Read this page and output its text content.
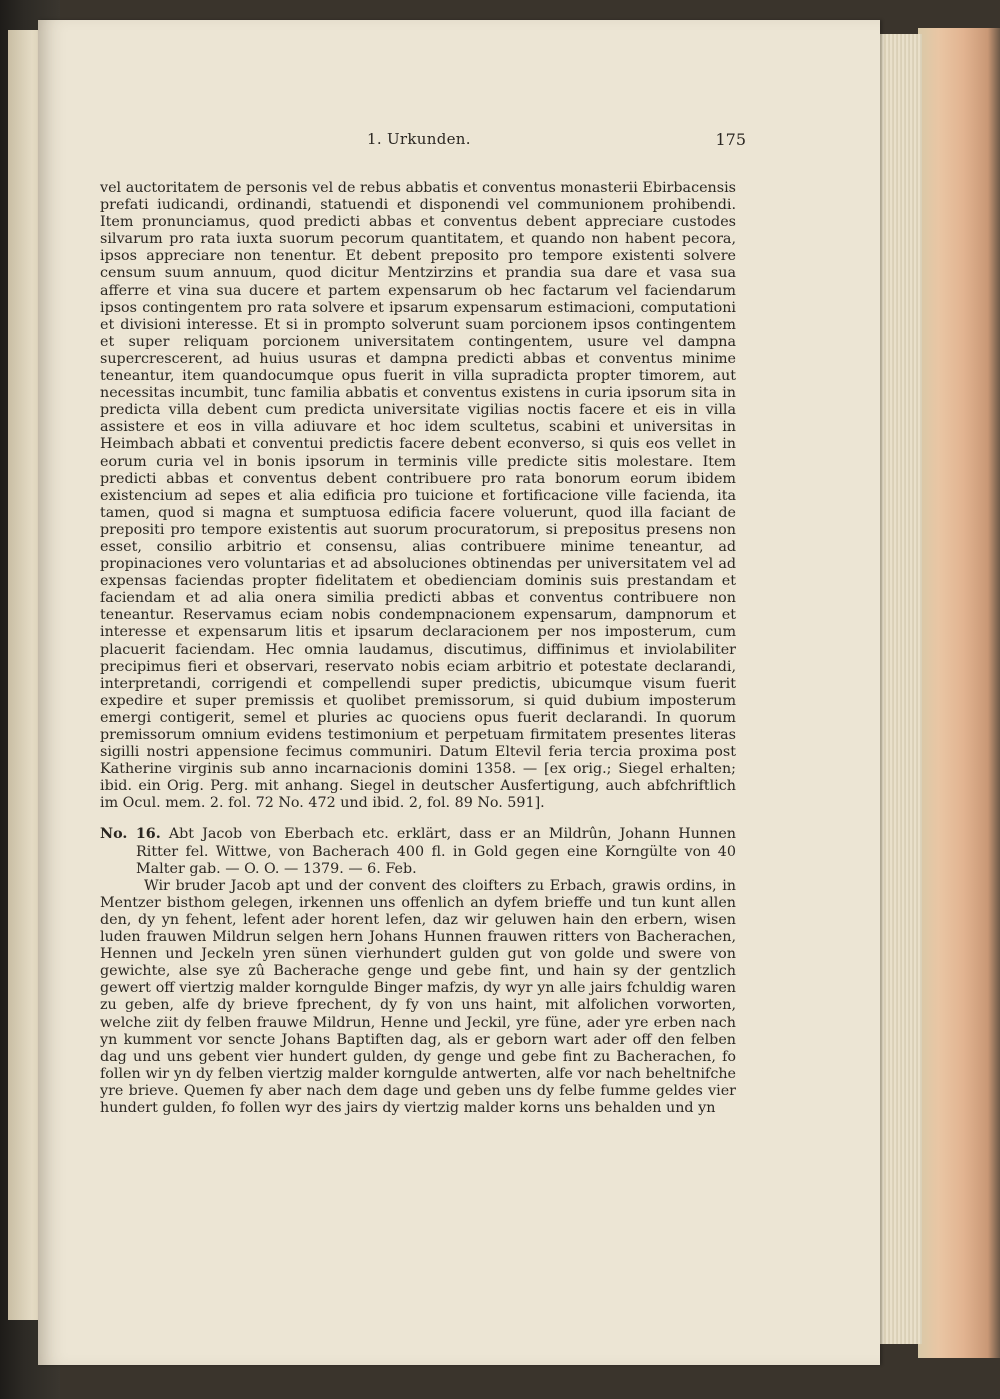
1. Urkunden.	175

vel auctoritatem de personis vel de rebus abbatis et conventus monasterii Ebirbacensis prefati iudicandi, ordinandi, statuendi et disponendi vel communionem prohibendi. Item pronunciamus, quod predicti abbas et conventus debent appreciare custodes silvarum pro rata iuxta suorum pecorum quantitatem, et quando non habent pecora, ipsos appreciare non tenentur. Et debent preposito pro tempore existenti solvere censum suum annuum, quod dicitur Mentzirzins et prandia sua dare et vasa sua afferre et vina sua ducere et partem expensarum ob hec factarum vel faciendarum ipsos contingentem pro rata solvere et ipsarum expensarum estimacioni, computationi et divisioni interesse. Et si in prompto solverunt suam porcionem ipsos contingentem et super reliquam porcionem universitatem contingentem, usure vel dampna supercrescerent, ad huius usuras et dampna predicti abbas et conventus minime teneantur, item quandocumque opus fuerit in villa supradicta propter timorem, aut necessitas incumbit, tunc familia abbatis et conventus existens in curia ipsorum sita in predicta villa debent cum predicta universitate vigilias noctis facere et eis in villa assistere et eos in villa adiuvare et hoc idem scultetus, scabini et universitas in Heimbach abbati et conventui predictis facere debent econverso, si quis eos vellet in eorum curia vel in bonis ipsorum in terminis ville predicte sitis molestare. Item predicti abbas et conventus debent contribuere pro rata bonorum eorum ibidem existencium ad sepes et alia edificia pro tuicione et fortificacione ville facienda, ita tamen, quod si magna et sumptuosa edificia facere voluerunt, quod illa faciant de prepositi pro tempore existentis aut suorum procuratorum, si prepositus presens non esset, consilio arbitrio et consensu, alias contribuere minime teneantur, ad propinaciones vero voluntarias et ad absoluciones obtinendas per universitatem vel ad expensas faciendas propter fidelitatem et obedienciam dominis suis prestandam et faciendam et ad alia onera similia predicti abbas et conventus contribuere non teneantur. Reservamus eciam nobis condempnacionem expensarum, dampnorum et interesse et expensarum litis et ipsarum declaracionem per nos imposterum, cum placuerit faciendam. Hec omnia laudamus, discutimus, diffinimus et inviolabiliter precipimus fieri et observari, reservato nobis eciam arbitrio et potestate declarandi, interpretandi, corrigendi et compellendi super predictis, ubicumque visum fuerit expedire et super premissis et quolibet premissorum, si quid dubium imposterum emergi contigerit, semel et pluries ac quociens opus fuerit declarandi. In quorum premissorum omnium evidens testimonium et perpetuam firmitatem presentes literas sigilli nostri appensione fecimus communiri. Datum Eltevil feria tercia proxima post Katherine virginis sub anno incarnacionis domini 1358. — [ex orig.; Siegel erhalten; ibid. ein Orig. Perg. mit anhang. Siegel in deutscher Ausfertigung, auch abfchriftlich im Ocul. mem. 2. fol. 72 No. 472 und ibid. 2, fol. 89 No. 591].

No. 16. Abt Jacob von Eberbach etc. erklärt, dass er an Mildrûn, Johann Hunnen Ritter fel. Wittwe, von Bacherach 400 fl. in Gold gegen eine Korngülte von 40 Malter gab. — O. O. — 1379. — 6. Feb.

Wir bruder Jacob apt und der convent des cloifters zu Erbach, grawis ordins, in Mentzer bisthom gelegen, irkennen uns offenlich an dyfem brieffe und tun kunt allen den, dy yn fehent, lefent ader horent lefen, daz wir geluwen hain den erbern, wisen luden frauwen Mildrun selgen hern Johans Hunnen frauwen ritters von Bacherachen, Hennen und Jeckeln yren sünen vierhundert gulden gut von golde und swere von gewichte, alse sye zû Bacherache genge und gebe fint, und hain sy der gentzlich gewert off viertzig malder korngulde Binger mafzis, dy wyr yn alle jairs fchuldig waren zu geben, alfe dy brieve fprechent, dy fy von uns haint, mit alfolichen vorworten, welche ziit dy felben frauwe Mildrun, Henne und Jeckil, yre füne, ader yre erben nach yn kumment vor sencte Johans Baptiften dag, als er geborn wart ader off den felben dag und uns gebent vier hundert gulden, dy genge und gebe fint zu Bacherachen, fo follen wir yn dy felben viertzig malder korngulde antwerten, alfe vor nach beheltnifche yre brieve. Quemen fy aber nach dem dage und geben uns dy felbe fumme geldes vier hundert gulden, fo follen wyr des jairs dy viertzig malder korns uns behalden und yn
